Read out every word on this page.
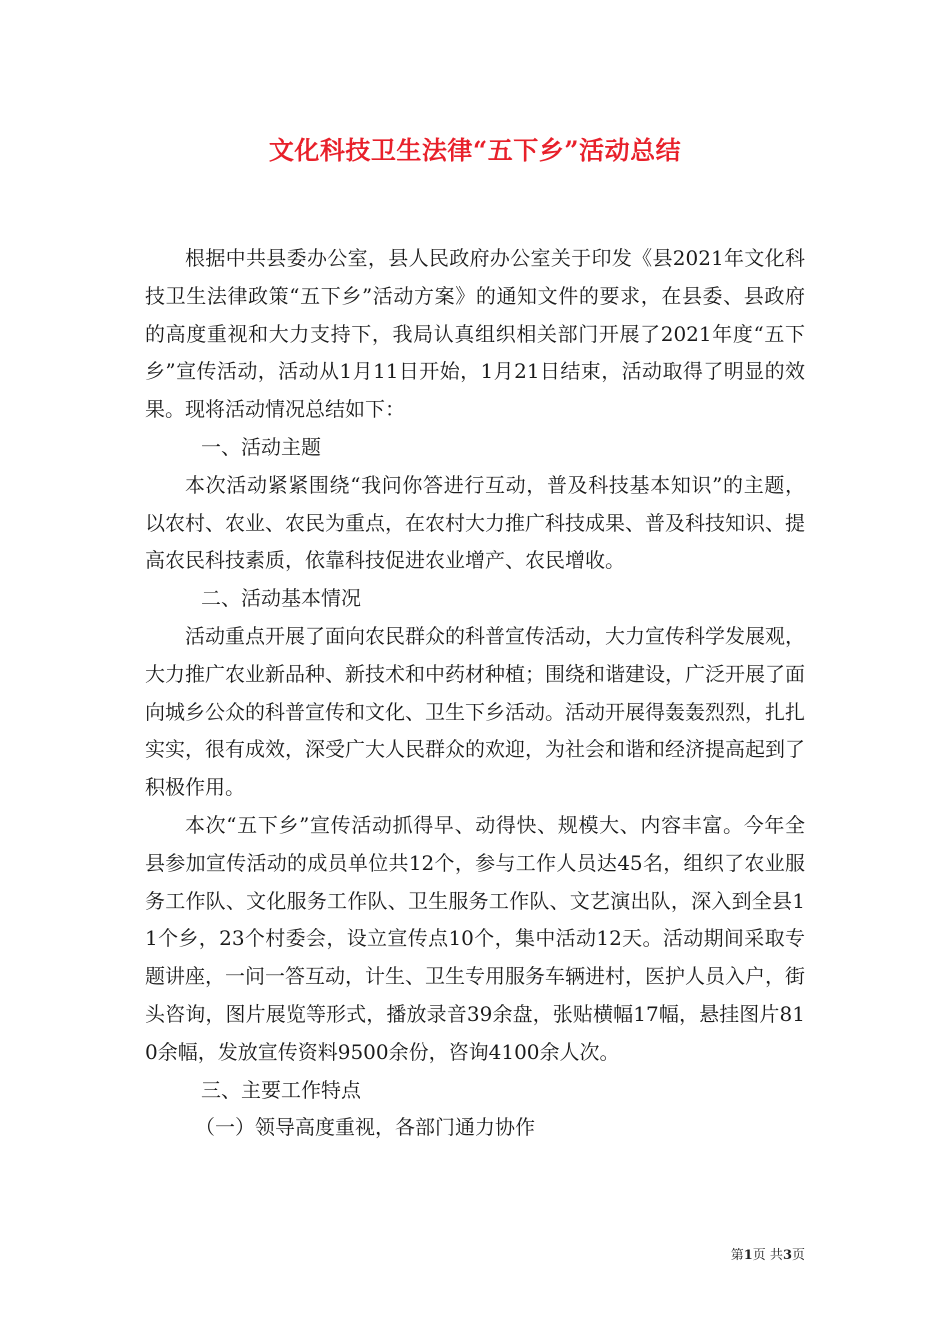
文化科技卫生法律“五下乡”活动总结

根据中共县委办公室，县人民政府办公室关于印发《县2021年文化科技卫生法律政策“五下乡”活动方案》的通知文件的要求，在县委、县政府的高度重视和大力支持下，我局认真组织相关部门开展了2021年度“五下乡”宣传活动，活动从1月11日开始，1月21日结束，活动取得了明显的效果。现将活动情况总结如下：

一、活动主题

本次活动紧紧围绕“我问你答进行互动，普及科技基本知识”的主题，以农村、农业、农民为重点，在农村大力推广科技成果、普及科技知识、提高农民科技素质，依靠科技促进农业增产、农民增收。

二、活动基本情况

活动重点开展了面向农民群众的科普宣传活动，大力宣传科学发展观，大力推广农业新品种、新技术和中药材种植；围绕和谐建设，广泛开展了面向城乡公众的科普宣传和文化、卫生下乡活动。活动开展得轰轰烈烈，扎扎实实，很有成效，深受广大人民群众的欢迎，为社会和谐和经济提高起到了积极作用。

本次“五下乡”宣传活动抓得早、动得快、规模大、内容丰富。今年全县参加宣传活动的成员单位共12个，参与工作人员达45名，组织了农业服务工作队、文化服务工作队、卫生服务工作队、文艺演出队，深入到全县11个乡，23个村委会，设立宣传点10个，集中活动12天。活动期间采取专题讲座，一问一答互动，计生、卫生专用服务车辆进村，医护人员入户，街头咨询，图片展览等形式，播放录音39余盘，张贴横幅17幅，悬挂图片810余幅，发放宣传资料9500余份，咨询4100余人次。

三、主要工作特点

（一）领导高度重视，各部门通力协作

第1页 共3页
